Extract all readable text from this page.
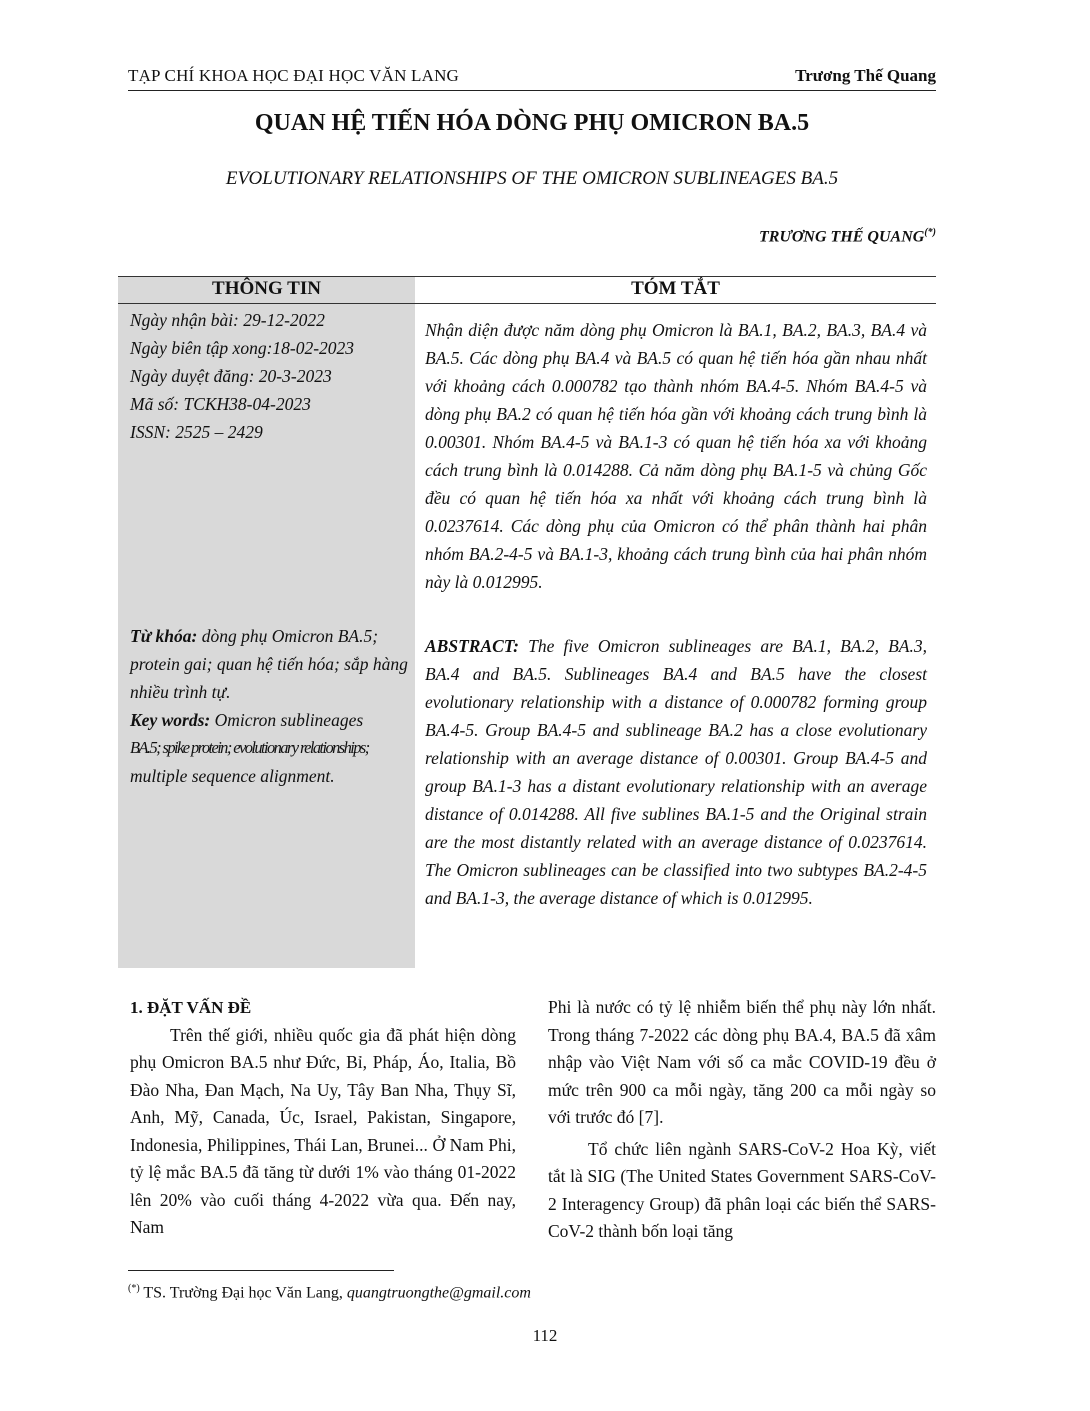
TẠP CHÍ KHOA HỌC ĐẠI HỌC VĂN LANG	Trương Thế Quang
QUAN HỆ TIẾN HÓA DÒNG PHỤ OMICRON BA.5
EVOLUTIONARY RELATIONSHIPS OF THE OMICRON SUBLINEAGES BA.5
TRƯƠNG THẾ QUANG(*)
THÔNG TIN	TÓM TẮT
Ngày nhận bài: 29-12-2022
Ngày biên tập xong:18-02-2023
Ngày duyệt đăng: 20-3-2023
Mã số: TCKH38-04-2023
ISSN: 2525 – 2429
Từ khóa: dòng phụ Omicron BA.5; protein gai; quan hệ tiến hóa; sắp hàng nhiều trình tự.
Key words: Omicron sublineages
BA.5; spike protein; evolutionary relationships;
multiple sequence alignment.
Nhận diện được năm dòng phụ Omicron là BA.1, BA.2, BA.3, BA.4 và BA.5. Các dòng phụ BA.4 và BA.5 có quan hệ tiến hóa gần nhau nhất với khoảng cách 0.000782 tạo thành nhóm BA.4-5. Nhóm BA.4-5 và dòng phụ BA.2 có quan hệ tiến hóa gần với khoảng cách trung bình là 0.00301. Nhóm BA.4-5 và BA.1-3 có quan hệ tiến hóa xa với khoảng cách trung bình là 0.014288. Cả năm dòng phụ BA.1-5 và chủng Gốc đều có quan hệ tiến hóa xa nhất với khoảng cách trung bình là 0.0237614. Các dòng phụ của Omicron có thể phân thành hai phân nhóm BA.2-4-5 và BA.1-3, khoảng cách trung bình của hai phân nhóm này là 0.012995.
ABSTRACT: The five Omicron sublineages are BA.1, BA.2, BA.3, BA.4 and BA.5. Sublineages BA.4 and BA.5 have the closest evolutionary relationship with a distance of 0.000782 forming group BA.4-5. Group BA.4-5 and sublineage BA.2 has a close evolutionary relationship with an average distance of 0.00301. Group BA.4-5 and group BA.1-3 has a distant evolutionary relationship with an average distance of 0.014288. All five sublines BA.1-5 and the Original strain are the most distantly related with an average distance of 0.0237614. The Omicron sublineages can be classified into two subtypes BA.2-4-5 and BA.1-3, the average distance of which is 0.012995.
1. ĐẶT VẤN ĐỀ

Trên thế giới, nhiều quốc gia đã phát hiện dòng phụ Omicron BA.5 như Đức, Bỉ, Pháp, Áo, Italia, Bồ Đào Nha, Đan Mạch, Na Uy, Tây Ban Nha, Thụy Sĩ, Anh, Mỹ, Canada, Úc, Israel, Pakistan, Singapore, Indonesia, Philippines, Thái Lan, Brunei... Ở Nam Phi, tỷ lệ mắc BA.5 đã tăng từ dưới 1% vào tháng 01-2022 lên 20% vào cuối tháng 4-2022 vừa qua. Đến nay, Nam

Phi là nước có tỷ lệ nhiễm biến thể phụ này lớn nhất. Trong tháng 7-2022 các dòng phụ BA.4, BA.5 đã xâm nhập vào Việt Nam với số ca mắc COVID-19 đều ở mức trên 900 ca mỗi ngày, tăng 200 ca mỗi ngày so với trước đó [7].

Tổ chức liên ngành SARS-CoV-2 Hoa Kỳ, viết tắt là SIG (The United States Government SARS-CoV-2 Interagency Group) đã phân loại các biến thể SARS-CoV-2 thành bốn loại tăng

(*) TS. Trường Đại học Văn Lang, quangtruongthe@gmail.com
112
